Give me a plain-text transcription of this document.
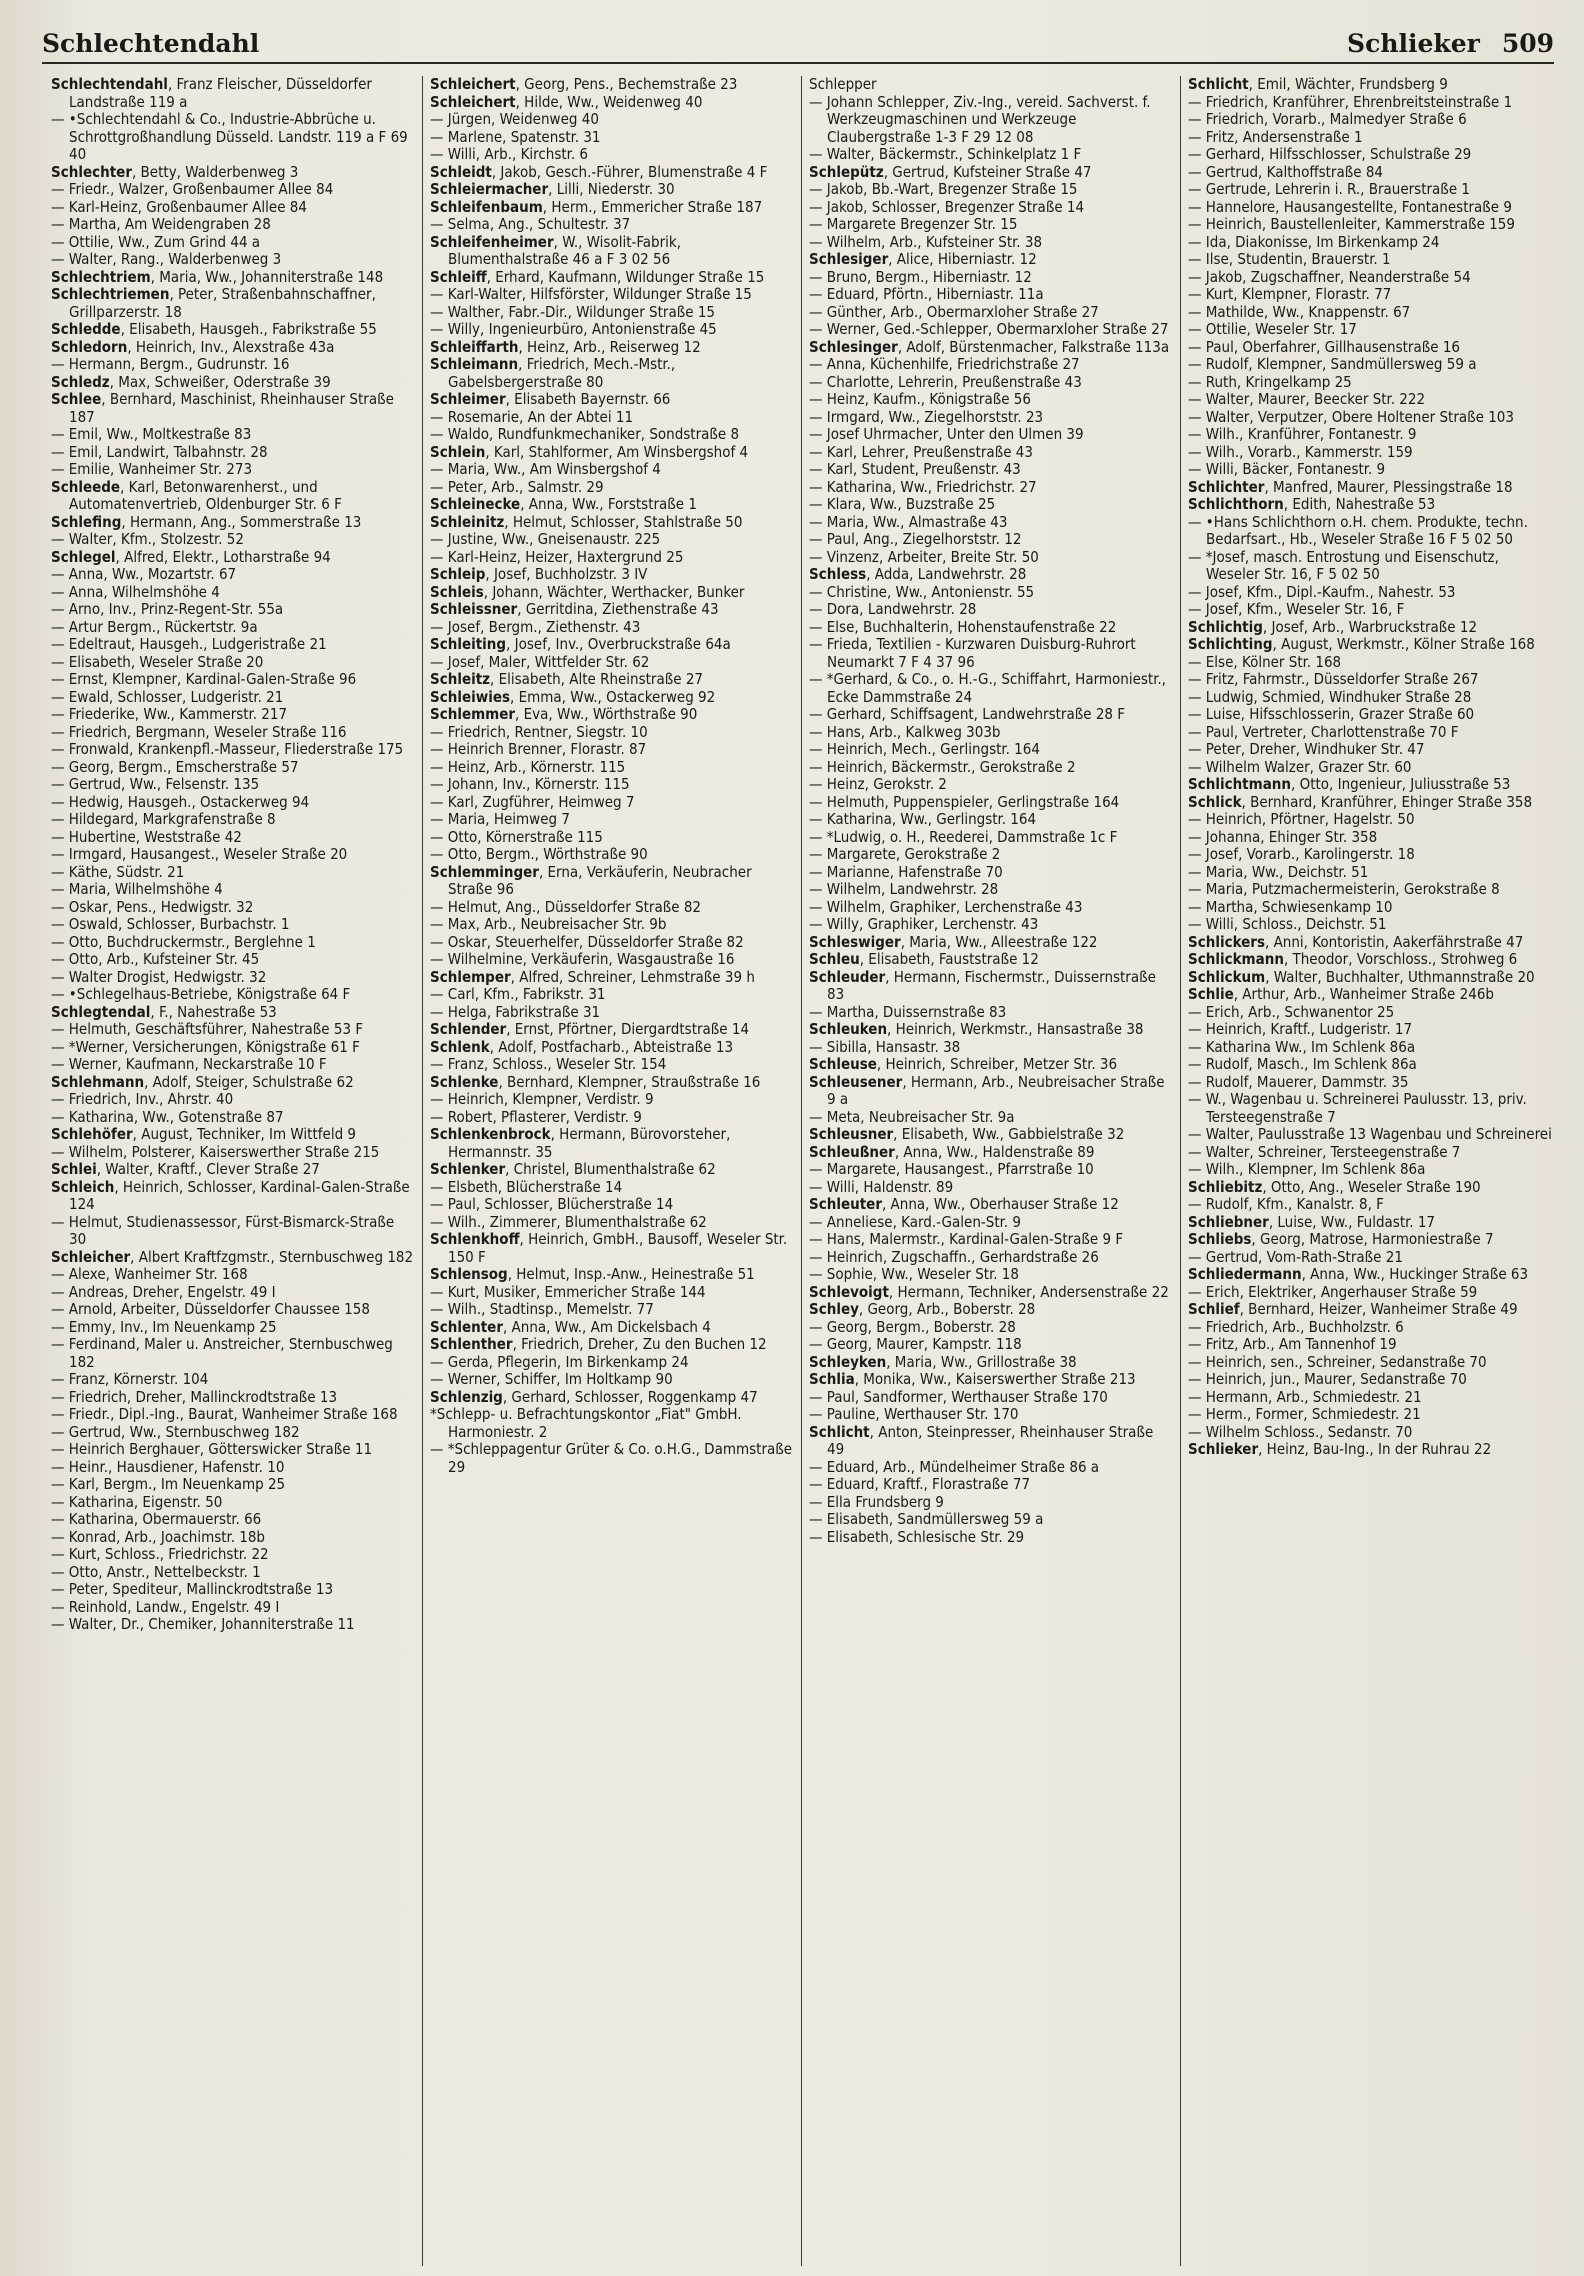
Schlechtendahl	Schlieker 509
Schlechtendahl, Franz Fleischer, Düsseldorfer Landstraße 119 a
— •Schlechtendahl & Co., Industrie-Abbrüche u. Schrottgroßhandlung Düsseld. Landstr. 119 a F 69 40
Schlechter, Betty, Walderbenweg 3
— Friedr., Walzer, Großenbaumer Allee 84
— Karl-Heinz, Großenbaumer Allee 84
— Martha, Am Weidengraben 28
— Ottilie, Ww., Zum Grind 44 a
— Walter, Rang., Walderbenweg 3
Schlechtriem, Maria, Ww., Johanniterstraße 148
Schlechtriemen, Peter, Straßenbahnschaffner, Grillparzerstr. 18
Schledde, Elisabeth, Hausgeh., Fabrikstraße 55
Schledorn, Heinrich, Inv., Alexstraße 43a
— Hermann, Bergm., Gudrunstr. 16
Schledz, Max, Schweißer, Oderstraße 39
Schlee, Bernhard, Maschinist, Rheinhauser Straße 187
— Emil, Ww., Moltkestraße 83
— Emil, Landwirt, Talbahnstr. 28
— Emilie, Wanheimer Str. 273
Schleede, Karl, Betonwarenherst., und Automatenvertrieb, Oldenburger Str. 6 F
Schlefing, Hermann, Ang., Sommerstraße 13
— Walter, Kfm., Stolzestr. 52
Schlegel, Alfred, Elektr., Lotharstraße 94
— Anna, Ww., Mozartstr. 67
— Anna, Wilhelmshöhe 4
— Arno, Inv., Prinz-Regent-Str. 55a
— Artur Bergm., Rückertstr. 9a
— Edeltraut, Hausgeh., Ludgeristraße 21
— Elisabeth, Weseler Straße 20
— Ernst, Klempner, Kardinal-Galen-Straße 96
— Ewald, Schlosser, Ludgeristr. 21
— Friederike, Ww., Kammerstr. 217
— Friedrich, Bergmann, Weseler Straße 116
— Fronwald, Krankenpfl.-Masseur, Fliederstraße 175
— Georg, Bergm., Emscherstraße 57
— Gertrud, Ww., Felsenstr. 135
— Hedwig, Hausgeh., Ostackerweg 94
— Hildegard, Markgrafenstraße 8
— Hubertine, Weststraße 42
— Irmgard, Hausangest., Weseler Straße 20
— Käthe, Südstr. 21
— Maria, Wilhelmshöhe 4
— Oskar, Pens., Hedwigstr. 32
— Oswald, Schlosser, Burbachstr. 1
— Otto, Buchdruckermstr., Berglehne 1
— Otto, Arb., Kufsteiner Str. 45
— Walter Drogist, Hedwigstr. 32
— •Schlegelhaus-Betriebe, Königstraße 64 F
Schlegtendal, F., Nahestraße 53
— Helmuth, Geschäftsführer, Nahestraße 53 F
— *Werner, Versicherungen, Königstraße 61 F
— Werner, Kaufmann, Neckarstraße 10 F
Schlehmann, Adolf, Steiger, Schulstraße 62
— Friedrich, Inv., Ahrstr. 40
— Katharina, Ww., Gotenstraße 87
Schlehöfer, August, Techniker, Im Wittfeld 9
— Wilhelm, Polsterer, Kaiserswerther Straße 215
Schlei, Walter, Kraftf., Clever Straße 27
Schleich, Heinrich, Schlosser, Kardinal-Galen-Straße 124
— Helmut, Studienassessor, Fürst-Bismarck-Straße 30
Schleicher, Albert Kraftfzgmstr., Sternbuschweg 182
— Alexe, Wanheimer Str. 168
— Andreas, Dreher, Engelstr. 49 I
— Arnold, Arbeiter, Düsseldorfer Chaussee 158
— Emmy, Inv., Im Neuenkamp 25
— Ferdinand, Maler u. Anstreicher, Sternbuschweg 182
— Franz, Körnerstr. 104
— Friedrich, Dreher, Mallinckrodtstraße 13
— Friedr., Dipl.-Ing., Baurat, Wanheimer Straße 168
— Gertrud, Ww., Sternbuschweg 182
— Heinrich Berghauer, Götterswicker Straße 11
— Heinr., Hausdiener, Hafenstr. 10
— Karl, Bergm., Im Neuenkamp 25
— Katharina, Eigenstr. 50
— Katharina, Obermauerstr. 66
— Konrad, Arb., Joachimstr. 18b
— Kurt, Schloss., Friedrichstr. 22
— Otto, Anstr., Nettelbeckstr. 1
— Peter, Spediteur, Mallinckrodtstraße 13
— Reinhold, Landw., Engelstr. 49 I
— Walter, Dr., Chemiker, Johanniterstraße 11
Schleichert, Georg, Pens., Bechemstraße 23
Schleichert, Hilde, Ww., Weidenweg 40
— Jürgen, Weidenweg 40
— Marlene, Spatenstr. 31
— Willi, Arb., Kirchstr. 6
Schleidt, Jakob, Gesch.-Führer, Blumenstraße 4 F
Schleiermacher, Lilli, Niederstr. 30
Schleifenbaum, Herm., Emmericher Straße 187
— Selma, Ang., Schultestr. 37
Schleifenheimer, W., Wisolit-Fabrik, Blumenthalstraße 46 a F 3 02 56
Schleiff, Erhard, Kaufmann, Wildunger Straße 15
— Karl-Walter, Hilfsförster, Wildunger Straße 15
— Walther, Fabr.-Dir., Wildunger Straße 15
— Willy, Ingenieurbüro, Antonienstraße 45
Schleiffarth, Heinz, Arb., Reiserweg 12
Schleimann, Friedrich, Mech.-Mstr., Gabelsbergerstraße 80
Schleimer, Elisabeth Bayernstr. 66
— Rosemarie, An der Abtei 11
— Waldo, Rundfunkmechaniker, Sondstraße 8
Schlein, Karl, Stahlformer, Am Winsbergshof 4
— Maria, Ww., Am Winsbergshof 4
— Peter, Arb., Salmstr. 29
Schleinecke, Anna, Ww., Forststraße 1
Schleinitz, Helmut, Schlosser, Stahlstraße 50
— Justine, Ww., Gneisenaustr. 225
— Karl-Heinz, Heizer, Haxtergrund 25
Schleip, Josef, Buchholzstr. 3 IV
Schleis, Johann, Wächter, Werthacker, Bunker
Schleissner, Gerritdina, Ziethenstraße 43
— Josef, Bergm., Ziethenstr. 43
Schleiting, Josef, Inv., Overbruckstraße 64a
— Josef, Maler, Wittfelder Str. 62
Schleitz, Elisabeth, Alte Rheinstraße 27
Schleiwies, Emma, Ww., Ostackerweg 92
Schlemmer, Eva, Ww., Wörthstraße 90
— Friedrich, Rentner, Siegstr. 10
— Heinrich Brenner, Florastr. 87
— Heinz, Arb., Körnerstr. 115
— Johann, Inv., Körnerstr. 115
— Karl, Zugführer, Heimweg 7
— Maria, Heimweg 7
— Otto, Körnerstraße 115
— Otto, Bergm., Wörthstraße 90
Schlemminger, Erna, Verkäuferin, Neubracher Straße 96
— Helmut, Ang., Düsseldorfer Straße 82
— Max, Arb., Neubreisacher Str. 9b
— Oskar, Steuerhelfer, Düsseldorfer Straße 82
— Wilhelmine, Verkäuferin, Wasgaustraße 16
Schlemper, Alfred, Schreiner, Lehmstraße 39 h
— Carl, Kfm., Fabrikstr. 31
— Helga, Fabrikstraße 31
Schlender, Ernst, Pförtner, Diergardtstraße 14
Schlenk, Adolf, Postfacharb., Abteistraße 13
— Franz, Schloss., Weseler Str. 154
Schlenke, Bernhard, Klempner, Straußstraße 16
— Heinrich, Klempner, Verdistr. 9
— Robert, Pflasterer, Verdistr. 9
Schlenkenbrock, Hermann, Bürovorsteher, Hermannstr. 35
Schlenker, Christel, Blumenthalstraße 62
— Elsbeth, Blücherstraße 14
— Paul, Schlosser, Blücherstraße 14
— Wilh., Zimmerer, Blumenthalstraße 62
Schlenkhoff, Heinrich, GmbH., Bausoff, Weseler Str. 150 F
Schlensog, Helmut, Insp.-Anw., Heinestraße 51
— Kurt, Musiker, Emmericher Straße 144
— Wilh., Stadtinsp., Memelstr. 77
Schlenter, Anna, Ww., Am Dickelsbach 4
Schlenther, Friedrich, Dreher, Zu den Buchen 12
— Gerda, Pflegerin, Im Birkenkamp 24
— Werner, Schiffer, Im Holtkamp 90
Schlenzig, Gerhard, Schlosser, Roggenkamp 47
*Schlepp- u. Befrachtungskontor „Fiat" GmbH. Harmoniestr. 2
— *Schleppagentur Grüter & Co. o.H.G., Dammstraße 29
Schlepper
— Johann Schlepper, Ziv.-Ing., vereid. Sachverst. f. Werkzeugmaschinen und Werkzeuge Claubergstraße 1-3 F 29 12 08
— Walter, Bäckermstr., Schinkelplatz 1 F
Schlepütz, Gertrud, Kufsteiner Straße 47
— Jakob, Bb.-Wart, Bregenzer Straße 15
— Jakob, Schlosser, Bregenzer Straße 14
— Margarete Bregenzer Str. 15
— Wilhelm, Arb., Kufsteiner Str. 38
Schlesiger, Alice, Hiberniastr. 12
— Bruno, Bergm., Hiberniastr. 12
— Eduard, Pförtn., Hiberniastr. 11a
— Günther, Arb., Obermarxloher Straße 27
— Werner, Ged.-Schlepper, Obermarxloher Straße 27
Schlesinger, Adolf, Bürstenmacher, Falkstraße 113a
— Anna, Küchenhilfe, Friedrichstraße 27
— Charlotte, Lehrerin, Preußenstraße 43
— Heinz, Kaufm., Königstraße 56
— Irmgard, Ww., Ziegelhorststr. 23
— Josef Uhrmacher, Unter den Ulmen 39
— Karl, Lehrer, Preußenstraße 43
— Karl, Student, Preußenstr. 43
— Katharina, Ww., Friedrichstr. 27
— Klara, Ww., Buzstraße 25
— Maria, Ww., Almastraße 43
— Paul, Ang., Ziegelhorststr. 12
— Vinzenz, Arbeiter, Breite Str. 50
Schless, Adda, Landwehrstr. 28
— Christine, Ww., Antonienstr. 55
— Dora, Landwehrstr. 28
— Else, Buchhalterin, Hohenstaufenstraße 22
— Frieda, Textilien - Kurzwaren Duisburg-Ruhrort Neumarkt 7 F 4 37 96
— *Gerhard, & Co., o. H.-G., Schiffahrt, Harmoniestr., Ecke Dammstraße 24
— Gerhard, Schiffsagent, Landwehrstraße 28 F
— Hans, Arb., Kalkweg 303b
— Heinrich, Mech., Gerlingstr. 164
— Heinrich, Bäckermstr., Gerokstraße 2
— Heinz, Gerokstr. 2
— Helmuth, Puppenspieler, Gerlingstraße 164
— Katharina, Ww., Gerlingstr. 164
— *Ludwig, o. H., Reederei, Dammstraße 1c F
— Margarete, Gerokstraße 2
— Marianne, Hafenstraße 70
— Wilhelm, Landwehrstr. 28
— Wilhelm, Graphiker, Lerchenstraße 43
— Willy, Graphiker, Lerchenstr. 43
Schleswiger, Maria, Ww., Alleestraße 122
Schleu, Elisabeth, Fauststraße 12
Schleuder, Hermann, Fischermstr., Duissernstraße 83
— Martha, Duissernstraße 83
Schleuken, Heinrich, Werkmstr., Hansastraße 38
— Sibilla, Hansastr. 38
Schleuse, Heinrich, Schreiber, Metzer Str. 36
Schleusener, Hermann, Arb., Neubreisacher Straße 9 a
— Meta, Neubreisacher Str. 9a
Schleusner, Elisabeth, Ww., Gabbielstraße 32
Schleußner, Anna, Ww., Haldenstraße 89
— Margarete, Hausangest., Pfarrstraße 10
— Willi, Haldenstr. 89
Schleuter, Anna, Ww., Oberhauser Straße 12
— Anneliese, Kard.-Galen-Str. 9
— Hans, Malermstr., Kardinal-Galen-Straße 9 F
— Heinrich, Zugschaffn., Gerhardstraße 26
— Sophie, Ww., Weseler Str. 18
Schlevoigt, Hermann, Techniker, Andersenstraße 22
Schley, Georg, Arb., Boberstr. 28
— Georg, Bergm., Boberstr. 28
— Georg, Maurer, Kampstr. 118
Schleyken, Maria, Ww., Grillostraße 38
Schlia, Monika, Ww., Kaiserswerther Straße 213
— Paul, Sandformer, Werthauser Straße 170
— Pauline, Werthauser Str. 170
Schlicht, Anton, Steinpresser, Rheinhauser Straße 49
— Eduard, Arb., Mündelheimer Straße 86 a
— Eduard, Kraftf., Florastraße 77
— Ella Frundsberg 9
— Elisabeth, Sandmüllersweg 59 a
— Elisabeth, Schlesische Str. 29
Schlicht, Emil, Wächter, Frundsberg 9
— Friedrich, Kranführer, Ehrenbreitsteinstraße 1
— Friedrich, Vorarb., Malmedyer Straße 6
— Fritz, Andersenstraße 1
— Gerhard, Hilfsschlosser, Schulstraße 29
— Gertrud, Kalthoffstraße 84
— Gertrude, Lehrerin i. R., Brauerstraße 1
— Hannelore, Hausangestellte, Fontanestraße 9
— Heinrich, Baustellenleiter, Kammerstraße 159
— Ida, Diakonisse, Im Birkenkamp 24
— Ilse, Studentin, Brauerstr. 1
— Jakob, Zugschaffner, Neanderstraße 54
— Kurt, Klempner, Florastr. 77
— Mathilde, Ww., Knappenstr. 67
— Ottilie, Weseler Str. 17
— Paul, Oberfahrer, Gillhausenstraße 16
— Rudolf, Klempner, Sandmüllersweg 59 a
— Ruth, Kringelkamp 25
— Walter, Maurer, Beecker Str. 222
— Walter, Verputzer, Obere Holtener Straße 103
— Wilh., Kranführer, Fontanestr. 9
— Wilh., Vorarb., Kammerstr. 159
— Willi, Bäcker, Fontanestr. 9
Schlichter, Manfred, Maurer, Plessingstraße 18
Schlichthorn, Edith, Nahestraße 53
— •Hans Schlichthorn o.H. chem. Produkte, techn. Bedarfsart., Hb., Weseler Straße 16 F 5 02 50
— *Josef, masch. Entrostung und Eisenschutz, Weseler Str. 16, F 5 02 50
— Josef, Kfm., Dipl.-Kaufm., Nahestr. 53
— Josef, Kfm., Weseler Str. 16, F
Schlichtig, Josef, Arb., Warbruckstraße 12
Schlichting, August, Werkmstr., Kölner Straße 168
— Else, Kölner Str. 168
— Fritz, Fahrmstr., Düsseldorfer Straße 267
— Ludwig, Schmied, Windhuker Straße 28
— Luise, Hifsschlosserin, Grazer Straße 60
— Paul, Vertreter, Charlottenstraße 70 F
— Peter, Dreher, Windhuker Str. 47
— Wilhelm Walzer, Grazer Str. 60
Schlichtmann, Otto, Ingenieur, Juliusstraße 53
Schlick, Bernhard, Kranführer, Ehinger Straße 358
— Heinrich, Pförtner, Hagelstr. 50
— Johanna, Ehinger Str. 358
— Josef, Vorarb., Karolingerstr. 18
— Maria, Ww., Deichstr. 51
— Maria, Putzmachermeisterin, Gerokstraße 8
— Martha, Schwiesenkamp 10
— Willi, Schloss., Deichstr. 51
Schlickers, Anni, Kontoristin, Aakerfährstraße 47
Schlickmann, Theodor, Vorschloss., Strohweg 6
Schlickum, Walter, Buchhalter, Uthmannstraße 20
Schlie, Arthur, Arb., Wanheimer Straße 246b
— Erich, Arb., Schwanentor 25
— Heinrich, Kraftf., Ludgeristr. 17
— Katharina Ww., Im Schlenk 86a
— Rudolf, Masch., Im Schlenk 86a
— Rudolf, Mauerer, Dammstr. 35
— W., Wagenbau u. Schreinerei Paulusstr. 13, priv. Tersteegenstraße 7
— Walter, Paulusstraße 13 Wagenbau und Schreinerei
— Walter, Schreiner, Tersteegenstraße 7
— Wilh., Klempner, Im Schlenk 86a
Schliebitz, Otto, Ang., Weseler Straße 190
— Rudolf, Kfm., Kanalstr. 8, F
Schliebner, Luise, Ww., Fuldastr. 17
Schliebs, Georg, Matrose, Harmoniestraße 7
— Gertrud, Vom-Rath-Straße 21
Schliedermann, Anna, Ww., Huckinger Straße 63
— Erich, Elektriker, Angerhauser Straße 59
Schlief, Bernhard, Heizer, Wanheimer Straße 49
— Friedrich, Arb., Buchholzstr. 6
— Fritz, Arb., Am Tannenhof 19
— Heinrich, sen., Schreiner, Sedanstraße 70
— Heinrich, jun., Maurer, Sedanstraße 70
— Hermann, Arb., Schmiedestr. 21
— Herm., Former, Schmiedestr. 21
— Wilhelm Schloss., Sedanstr. 70
Schlieker, Heinz, Bau-Ing., In der Ruhrau 22
